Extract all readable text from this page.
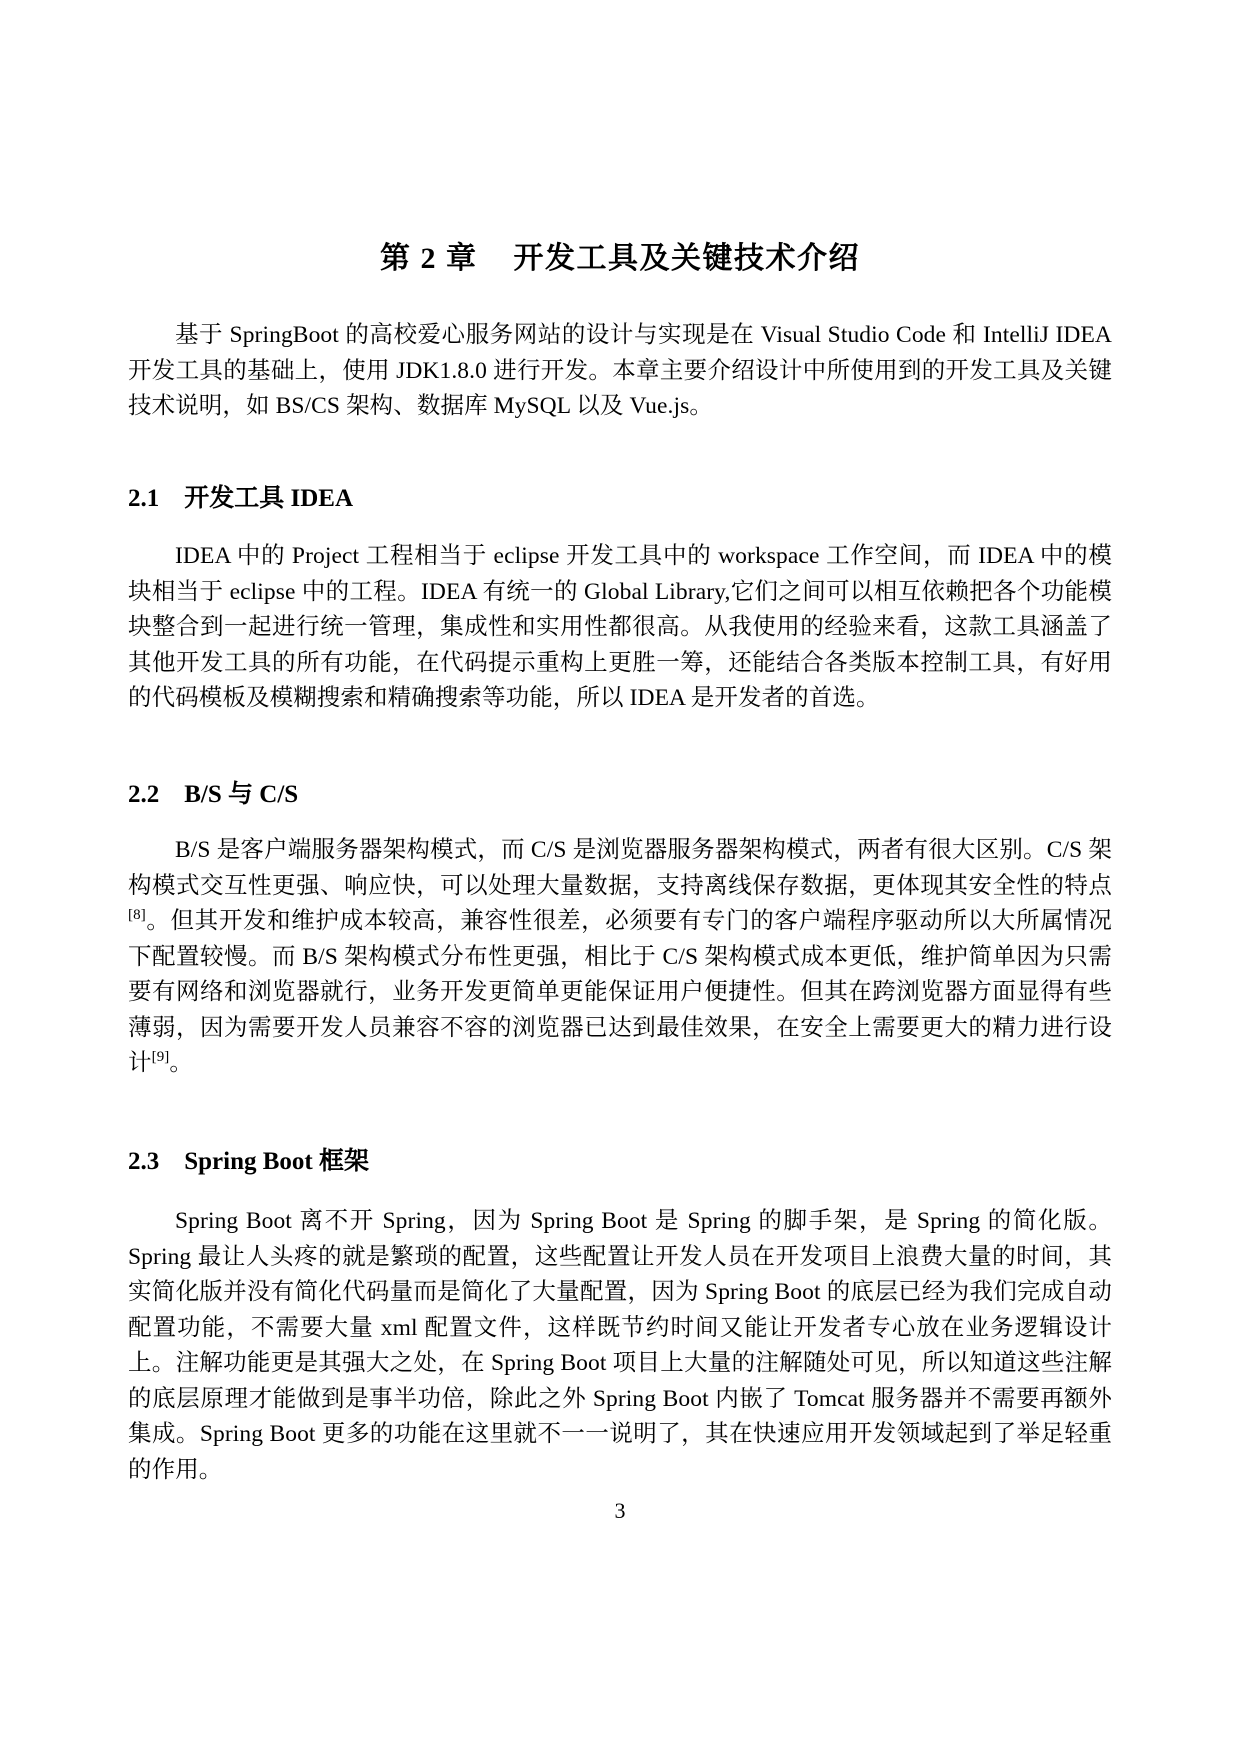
第 2 章    开发工具及关键技术介绍

基于 SpringBoot 的高校爱心服务网站的设计与实现是在 Visual Studio Code 和 IntelliJ IDEA 开发工具的基础上，使用 JDK1.8.0 进行开发。本章主要介绍设计中所使用到的开发工具及关键技术说明，如 BS/CS 架构、数据库 MySQL 以及 Vue.js。

2.1　开发工具 IDEA

IDEA 中的 Project 工程相当于 eclipse 开发工具中的 workspace 工作空间，而 IDEA 中的模块相当于 eclipse 中的工程。IDEA 有统一的 Global Library,它们之间可以相互依赖把各个功能模块整合到一起进行统一管理，集成性和实用性都很高。从我使用的经验来看，这款工具涵盖了其他开发工具的所有功能，在代码提示重构上更胜一筹，还能结合各类版本控制工具，有好用的代码模板及模糊搜索和精确搜索等功能，所以 IDEA 是开发者的首选。

2.2　B/S 与 C/S

B/S 是客户端服务器架构模式，而 C/S 是浏览器服务器架构模式，两者有很大区别。C/S 架构模式交互性更强、响应快，可以处理大量数据，支持离线保存数据，更体现其安全性的特点[8]。但其开发和维护成本较高，兼容性很差，必须要有专门的客户端程序驱动所以大所属情况下配置较慢。而 B/S 架构模式分布性更强，相比于 C/S 架构模式成本更低，维护简单因为只需要有网络和浏览器就行，业务开发更简单更能保证用户便捷性。但其在跨浏览器方面显得有些薄弱，因为需要开发人员兼容不容的浏览器已达到最佳效果，在安全上需要更大的精力进行设计[9]。

2.3　Spring Boot 框架

Spring Boot 离不开 Spring，因为 Spring Boot 是 Spring 的脚手架，是 Spring 的简化版。Spring 最让人头疼的就是繁琐的配置，这些配置让开发人员在开发项目上浪费大量的时间，其实简化版并没有简化代码量而是简化了大量配置，因为 Spring Boot 的底层已经为我们完成自动配置功能，不需要大量 xml 配置文件，这样既节约时间又能让开发者专心放在业务逻辑设计上。注解功能更是其强大之处，在 Spring Boot 项目上大量的注解随处可见，所以知道这些注解的底层原理才能做到是事半功倍，除此之外 Spring Boot 内嵌了 Tomcat 服务器并不需要再额外集成。Spring Boot 更多的功能在这里就不一一说明了，其在快速应用开发领域起到了举足轻重的作用。

3
